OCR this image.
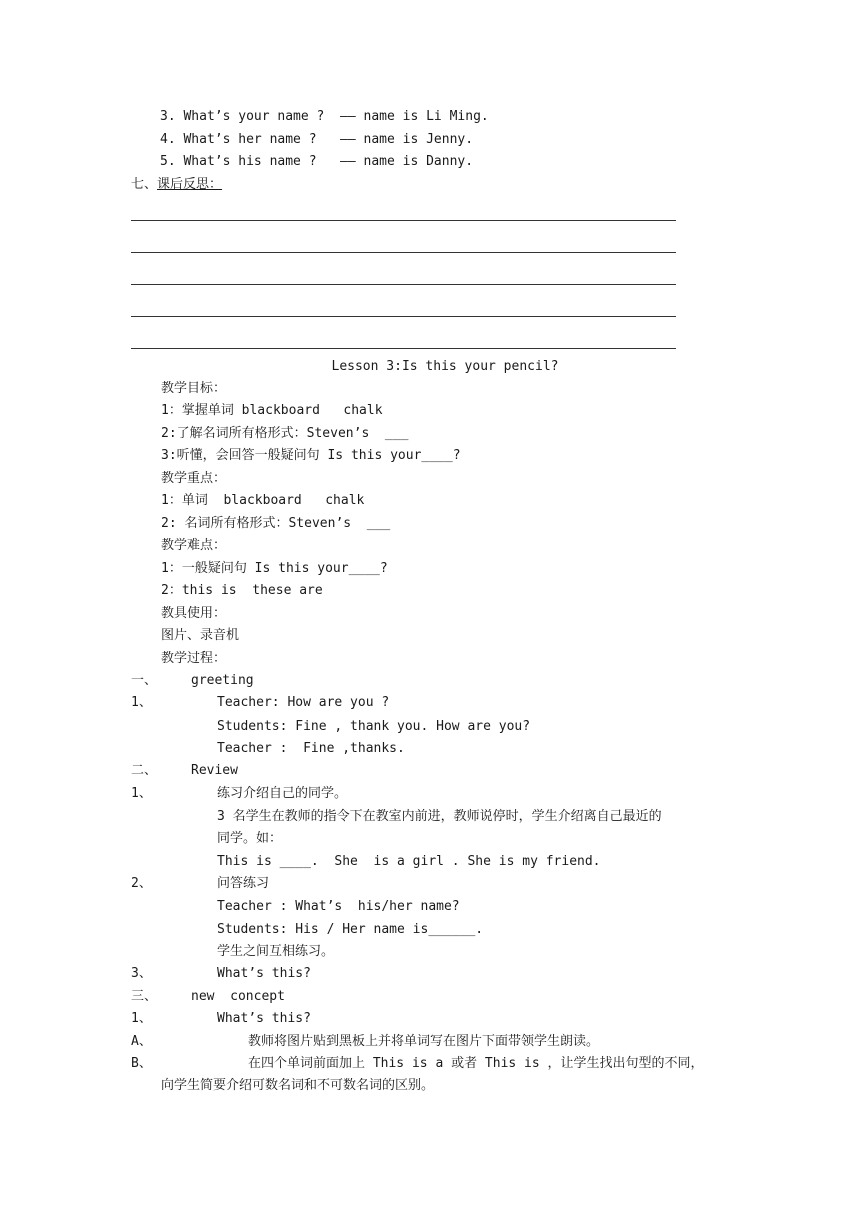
3. What’s your name ?  —— name is Li Ming.
4. What’s her name ?   —— name is Jenny.
5. What’s his name ?   —— name is Danny.
七、课后反思：
Lesson 3:Is this your pencil?
教学目标：
1：掌握单词 blackboard   chalk
2:了解名词所有格形式：Steven’s  ___
3:听懂，会回答一般疑问句 Is this your____?
教学重点：
1：单词  blackboard   chalk
2: 名词所有格形式：Steven’s  ___
教学难点：
1：一般疑问句 Is this your____?
2：this is  these are
教具使用：
图片、录音机
教学过程：
一、	greeting
1、	Teacher: How are you ?
Students: Fine , thank you. How are you?
Teacher :  Fine ,thanks.
二、	Review
1、	练习介绍自己的同学。
3 名学生在教师的指令下在教室内前进，教师说停时，学生介绍离自己最近的
同学。如：
This is ____.  She  is a girl . She is my friend.
2、	问答练习
Teacher : What’s  his/her name?
Students: His / Her name is______.
学生之间互相练习。
3、	What’s this?
三、	new  concept
1、	What’s this?
A、	教师将图片贴到黑板上并将单词写在图片下面带领学生朗读。
B、	在四个单词前面加上 This is a 或者 This is ，让学生找出句型的不同，
向学生简要介绍可数名词和不可数名词的区别。
